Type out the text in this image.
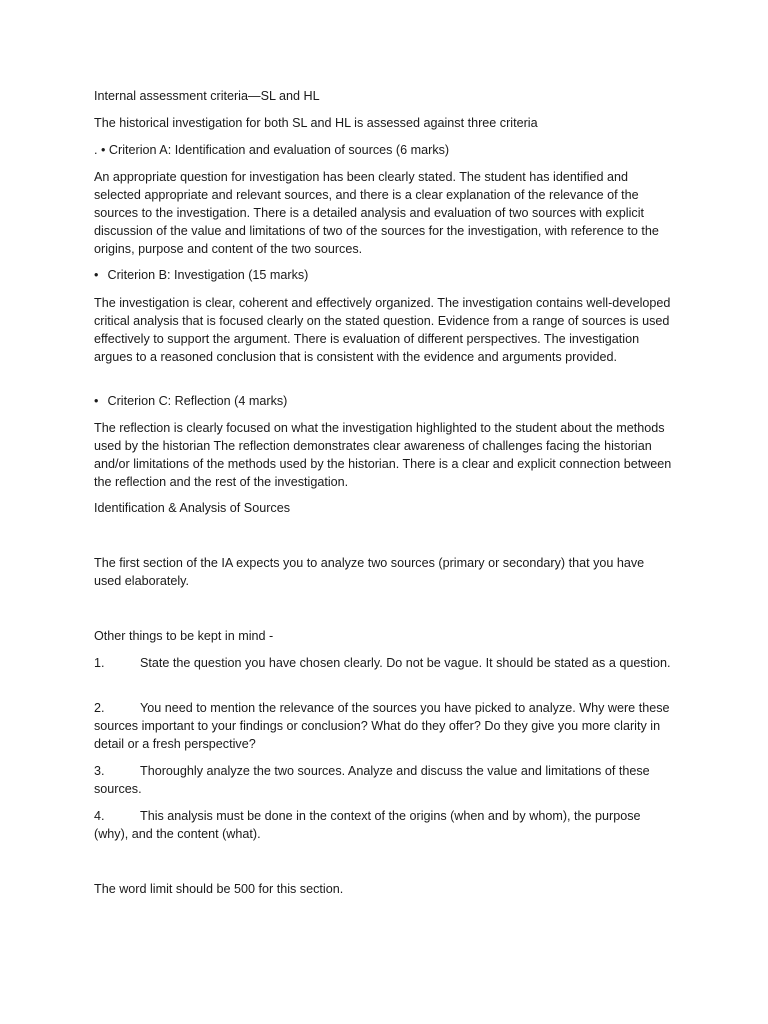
Internal assessment criteria—SL and HL

The historical investigation for both SL and HL is assessed against three criteria

. • Criterion A: Identification and evaluation of sources (6 marks)

An appropriate question for investigation has been clearly stated. The student has identified and selected appropriate and relevant sources, and there is a clear explanation of the relevance of the sources to the investigation. There is a detailed analysis and evaluation of two sources with explicit discussion of the value and limitations of two of the sources for the investigation, with reference to the origins, purpose and content of the two sources.

• Criterion B: Investigation (15 marks)

The investigation is clear, coherent and effectively organized. The investigation contains well-developed critical analysis that is focused clearly on the stated question. Evidence from a range of sources is used effectively to support the argument. There is evaluation of different perspectives. The investigation argues to a reasoned conclusion that is consistent with the evidence and arguments provided.

• Criterion C: Reflection (4 marks)

The reflection is clearly focused on what the investigation highlighted to the student about the methods used by the historian The reflection demonstrates clear awareness of challenges facing the historian and/or limitations of the methods used by the historian. There is a clear and explicit connection between the reflection and the rest of the investigation.

Identification & Analysis of Sources

The first section of the IA expects you to analyze two sources (primary or secondary) that you have used elaborately.

Other things to be kept in mind -

1.	State the question you have chosen clearly. Do not be vague. It should be stated as a question.

2.	You need to mention the relevance of the sources you have picked to analyze. Why were these sources important to your findings or conclusion? What do they offer? Do they give you more clarity in detail or a fresh perspective?

3.	Thoroughly analyze the two sources. Analyze and discuss the value and limitations of these sources.

4.	This analysis must be done in the context of the origins (when and by whom), the purpose (why), and the content (what).

The word limit should be 500 for this section.
